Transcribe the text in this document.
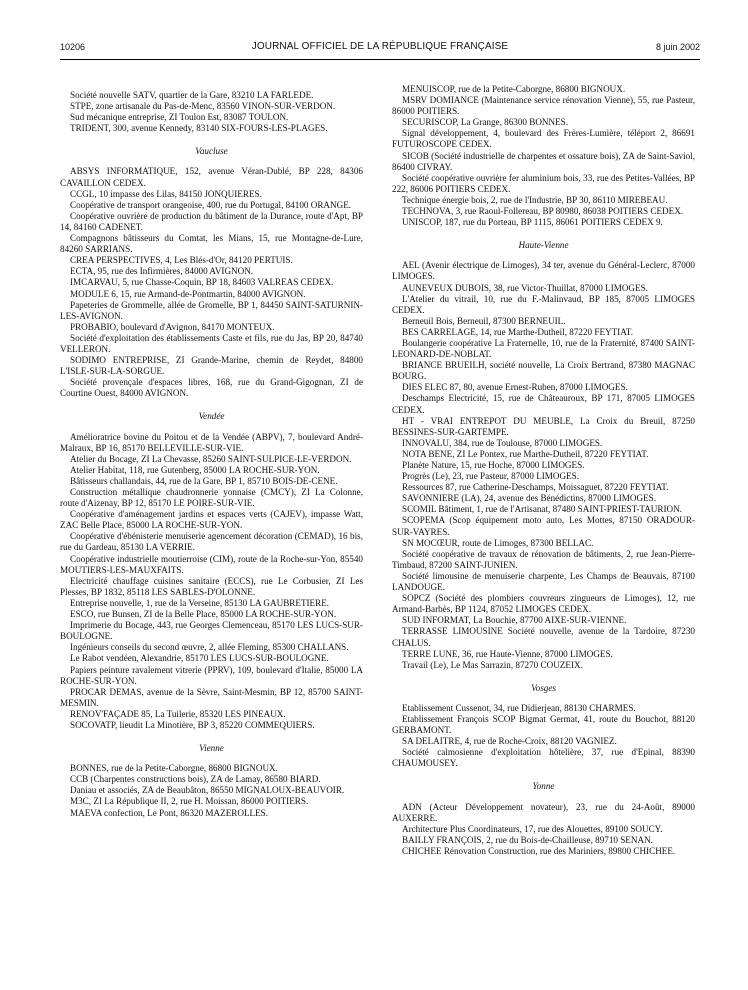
10206	JOURNAL OFFICIEL DE LA RÉPUBLIQUE FRANÇAISE	8 juin 2002

Société nouvelle SATV, quartier de la Gare, 83210 LA FARLEDE.

STPE, zone artisanale du Pas-de-Menc, 83560 VINON-SUR-VERDON.

Sud mécanique entreprise, ZI Toulon Est, 83087 TOULON.

TRIDENT, 300, avenue Kennedy, 83140 SIX-FOURS-LES-PLAGES.

Vaucluse

ABSYS INFORMATIQUE, 152, avenue Véran-Dublé, BP 228, 84306 CAVAILLON CEDEX.

CCGL, 10 impasse des Lilas, 84150 JONQUIERES.

Coopérative de transport orangeoise, 400, rue du Portugal, 84100 ORANGE.

Coopérative ouvrière de production du bâtiment de la Durance, route d'Apt, BP 14, 84160 CADENET.

Compagnons bâtisseurs du Comtat, les Mians, 15, rue Montagne-de-Lure, 84260 SARRIANS.

CREA PERSPECTIVES, 4, Les Blés-d'Or, 84120 PERTUIS.

ECTA, 95, rue des Infirmières, 84000 AVIGNON.

IMCARVAU, 5, rue Chasse-Coquin, BP 18, 84603 VALREAS CEDEX.

MODULE 6, 15, rue Armand-de-Pontmartin, 84000 AVIGNON.

Papeteries de Grommelle, allée de Gromelle, BP 1, 84450 SAINT-SATURNIN-LES-AVIGNON.

PROBABIO, boulevard d'Avignon, 84170 MONTEUX.

Société d'exploitation des établissements Caste et fils, rue du Jas, BP 20, 84740 VELLERON.

SODIMO ENTREPRISE, ZI Grande-Marine, chemin de Reydet, 84800 L'ISLE-SUR-LA-SORGUE.

Société provençale d'espaces libres, 168, rue du Grand-Gigognan, ZI de Courtine Ouest, 84000 AVIGNON.

Vendée

Amélioratrice bovine du Poitou et de la Vendée (ABPV), 7, boulevard André-Malraux, BP 16, 85170 BELLEVILLE-SUR-VIE.

Atelier du Bocage, ZI La Chevasse, 85260 SAINT-SULPICE-LE-VERDON.

Atelier Habitat, 118, rue Gutenberg, 85000 LA ROCHE-SUR-YON.

Bâtisseurs challandais, 44, rue de la Gare, BP 1, 85710 BOIS-DE-CENE.

Construction métallique chaudronnerie yonnaise (CMCY), ZI La Colonne, route d'Aizenay, BP 12, 85170 LE POIRE-SUR-VIE.

Coopérative d'aménagement jardins et espaces verts (CAJEV), impasse Watt, ZAC Belle Place, 85000 LA ROCHE-SUR-YON.

Coopérative d'ébénisterie menuiserie agencement décoration (CEMAD), 16 bis, rue du Gardeau, 85130 LA VERRIE.

Coopérative industrielle moutierroise (CIM), route de la Roche-sur-Yon, 85540 MOUTIERS-LES-MAUXFAITS.

Electricité chauffage cuisines sanitaire (ECCS), rue Le Corbusier, ZI Les Plesses, BP 1832, 85118 LES SABLES-D'OLONNE.

Entreprise nouvelle, 1, rue de la Verseine, 85130 LA GAUBRETIERE.

ESCO, rue Bunsen, ZI de la Belle Place, 85000 LA ROCHE-SUR-YON.

Imprimerie du Bocage, 443, rue Georges Clemenceau, 85170 LES LUCS-SUR-BOULOGNE.

Ingénieurs conseils du second œuvre, 2, allée Fleming, 85300 CHALLANS.

Le Rabot vendéen, Alexandrie, 85170 LES LUCS-SUR-BOULOGNE.

Papiers peinture ravalement vitrerie (PPRV), 109, boulevard d'Italie, 85000 LA ROCHE-SUR-YON.

PROCAR DEMAS, avenue de la Sèvre, Saint-Mesmin, BP 12, 85700 SAINT-MESMIN.

RENOV'FAÇADE 85, La Tuilerie, 85320 LES PINEAUX.

SOCOVATP, lieudit La Minotière, BP 3, 85220 COMMEQUIERS.

Vienne

BONNES, rue de la Petite-Caborgne, 86800 BIGNOUX.

CCB (Charpentes constructions bois), ZA de Lamay, 86580 BIARD.

Daniau et associés, ZA de Beaubâton, 86550 MIGNALOUX-BEAUVOIR.

M3C, ZI La République II, 2, rue H. Moissan, 86000 POITIERS.

MAEVA confection, Le Pont, 86320 MAZEROLLES.

MENUISCOP, rue de la Petite-Caborgne, 86800 BIGNOUX.

MSRV DOMIANCE (Maintenance service rénovation Vienne), 55, rue Pasteur, 86000 POITIERS.

SECURISCOP, La Grange, 86300 BONNES.

Signal développement, 4, boulevard des Frères-Lumière, téléport 2, 86691 FUTUROSCOPE CEDEX.

SICOB (Société industrielle de charpentes et ossature bois), ZA de Saint-Saviol, 86400 CIVRAY.

Société coopérative ouvrière fer aluminium bois, 33, rue des Petites-Vallées, BP 222, 86006 POITIERS CEDEX.

Technique énergie bois, 2, rue de l'Industrie, BP 30, 86110 MIREBEAU.

TECHNOVA, 3, rue Raoul-Follereau, BP 80980, 86038 POITIERS CEDEX.

UNISCOP, 187, rue du Porteau, BP 1115, 86061 POITIERS CEDEX 9.

Haute-Vienne

AEL (Avenir électrique de Limoges), 34 ter, avenue du Général-Leclerc, 87000 LIMOGES.

AUNEVEUX DUBOIS, 38, rue Victor-Thuillat, 87000 LIMOGES.

L'Atelier du vitrail, 10, rue du F.-Malinvaud, BP 185, 87005 LIMOGES CEDEX.

Berneuil Bois, Berneuil, 87300 BERNEUIL.

BES CARRELAGE, 14, rue Marthe-Dutheil, 87220 FEYTIAT.

Boulangerie coopérative La Fraternelle, 10, rue de la Fraternité, 87400 SAINT-LEONARD-DE-NOBLAT.

BRIANCE BRUEILH, société nouvelle, La Croix Bertrand, 87380 MAGNAC BOURG.

DIES ELEC 87, 80, avenue Ernest-Ruben, 87000 LIMOGES.

Deschamps Electricité, 15, rue de Châteauroux, BP 171, 87005 LIMOGES CEDEX.

HT - VRAI ENTREPOT DU MEUBLE, La Croix du Breuil, 87250 BESSINES-SUR-GARTEMPE.

INNOVALU, 384, rue de Toulouse, 87000 LIMOGES.

NOTA BENE, ZI Le Pontex, rue Marthe-Dutheil, 87220 FEYTIAT.

Planète Nature, 15, rue Hoche, 87000 LIMOGES.

Progrès (Le), 23, rue Pasteur, 87000 LIMOGES.

Ressources 87, rue Catherine-Deschamps, Moissaguet, 87220 FEYTIAT.

SAVONNIERE (LA), 24, avenue des Bénédictins, 87000 LIMOGES.

SCOMIL Bâtiment, 1, rue de l'Artisanat, 87480 SAINT-PRIEST-TAURION.

SCOPEMA (Scop équipement moto auto, Les Mottes, 87150 ORADOUR-SUR-VAYRES.

SN MOCŒUR, route de Limoges, 87300 BELLAC.

Société coopérative de travaux de rénovation de bâtiments, 2, rue Jean-Pierre-Timbaud, 87200 SAINT-JUNIEN.

Société limousine de menuiserie charpente, Les Champs de Beauvais, 87100 LANDOUGE.

SOPCZ (Société des plombiers couvreurs zingueurs de Limoges), 12, rue Armand-Barbès, BP 1124, 87052 LIMOGES CEDEX.

SUD INFORMAT, La Bouchie, 87700 AIXE-SUR-VIENNE.

TERRASSE LIMOUSINE Société nouvelle, avenue de la Tardoire, 87230 CHALUS.

TERRE LUNE, 36, rue Haute-Vienne, 87000 LIMOGES.

Travail (Le), Le Mas Sarrazin, 87270 COUZEIX.

Vosges

Etablissement Cussenot, 34, rue Didierjean, 88130 CHARMES.

Etablissement François SCOP Bigmat Germat, 41, route du Bouchot, 88120 GERBAMONT.

SA DELAITRE, 4, rue de Roche-Croix, 88120 VAGNIEZ.

Société calmosienne d'exploitation hôtelière, 37, rue d'Epinal, 88390 CHAUMOUSEY.

Yonne

ADN (Acteur Développement novateur), 23, rue du 24-Août, 89000 AUXERRE.

Architecture Plus Coordinateurs, 17, rue des Alouettes, 89100 SOUCY.

BAILLY FRANÇOIS, 2, rue du Bois-de-Chailleuse, 89710 SENAN.

CHICHEE Rénovation Construction, rue des Mariniers, 89800 CHICHEE.
